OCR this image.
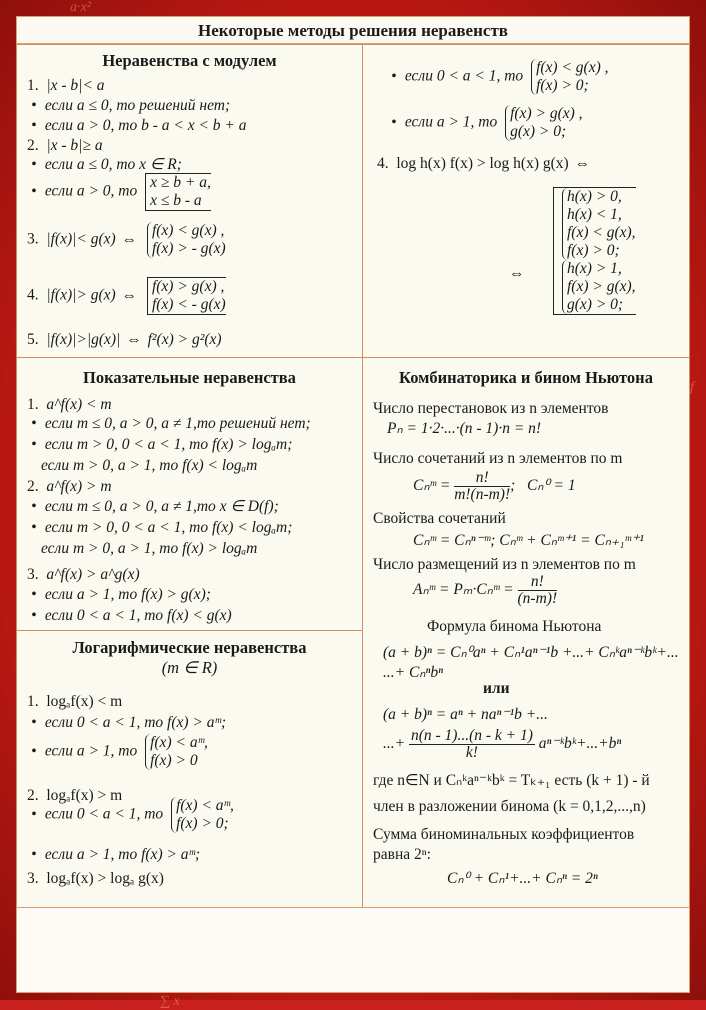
a·x²
∑ x
f
Некоторые методы решения неравенств
Неравенства с модулем
1. |x - b|< a
• если a ≤ 0, то решений нет;
• если a > 0, то b - a < x < b + a
2. |x - b|≥ a
• если a ≤ 0, то x ∈ R;
• если a > 0, то x ≥ b + a,
x ≤ b - a
3. |f(x)|< g(x) ⇔ f(x) < g(x) ,
f(x) > - g(x)
4. |f(x)|> g(x) ⇔ f(x) > g(x) ,
f(x) < - g(x)
5. |f(x)|>|g(x)| ⇔ f²(x) > g²(x)
• если 0 < a < 1, то f(x) < g(x) ,
f(x) > 0;
• если a > 1, то f(x) > g(x) ,
g(x) > 0;
4. log h(x) f(x) > log h(x) g(x) ⇔
⇔
h(x) > 0,
h(x) < 1,
f(x) < g(x),
f(x) > 0;
h(x) > 1,
f(x) > g(x),
g(x) > 0;
Показательные неравенства
1. a^f(x) < m
• если m ≤ 0, a > 0, a ≠ 1,то решений нет;
• если m > 0, 0 < a < 1, то f(x) > logₐm;
если m > 0, a > 1, то f(x) < logₐm
2. a^f(x) > m
• если m ≤ 0, a > 0, a ≠ 1,то x ∈ D(f);
• если m > 0, 0 < a < 1, то f(x) < logₐm;
если m > 0, a > 1, то f(x) > logₐm
3. a^f(x) > a^g(x)
• если a > 1, то f(x) > g(x);
• если 0 < a < 1, то f(x) < g(x)
Логарифмические неравенства
(m ∈ R)
1. logₐf(x) < m
• если 0 < a < 1, то f(x) > aᵐ;
• если a > 1, то f(x) < aᵐ,
f(x) > 0
2. logₐf(x) > m
• если 0 < a < 1, то f(x) < aᵐ,
f(x) > 0;
• если a > 1, то f(x) > aᵐ;
3. logₐf(x) > logₐ g(x)
Комбинаторика и бином Ньютона
Число перестановок из n элементов
Pₙ = 1·2·...·(n - 1)·n = n!
Число сочетаний из n элементов по m
Cₙᵐ = $\frac{n!}{m!(n-m)!}$ ;   Cₙ⁰ = 1
Свойства сочетаний
Cₙᵐ = Cₙⁿ⁻ᵐ; Cₙᵐ + Cₙᵐ⁺¹ = Cₙ₊₁ᵐ⁺¹
Число размещений из n элементов по m
Aₙᵐ = Pₘ·Cₙᵐ = $\frac{n!}{(n-m)!}$
Формула бинома Ньютона
(a + b)ⁿ = Cₙ⁰aⁿ + Cₙ¹aⁿ⁻¹b +...+ Cₙᵏaⁿ⁻ᵏbᵏ+...
...+ Cₙⁿbⁿ
или
(a + b)ⁿ = aⁿ + naⁿ⁻¹b +...
...+ $\frac{n(n - 1)...(n - k + 1)}{k!}$ aⁿ⁻ᵏbᵏ+...+bⁿ
где n∈N и Cₙᵏaⁿ⁻ᵏbᵏ = Tₖ₊₁ есть (k + 1) - й
член в разложении бинома (k = 0,1,2,...,n)
Сумма биноминальных коэффициентов
равна 2ⁿ:
Cₙ⁰ + Cₙ¹+...+ Cₙⁿ = 2ⁿ
